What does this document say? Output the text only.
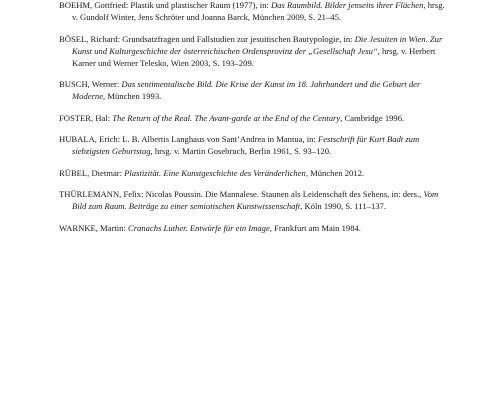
BOEHM, Gottfried: Plastik und plastischer Raum (1977), in: Das Raumbild. Bilder jenseits ihrer Flächen, hrsg. v. Gundolf Winter, Jens Schröter und Joanna Barck, München 2009, S. 21–45.
BÖSEL, Richard: Grundsatzfragen und Fallstudien zur jesuitischen Bautypologie, in: Die Jesuiten in Wien. Zur Kunst und Kulturgeschichte der österreichischen Ordensprovinz der „Gesellschaft Jesu“, hrsg. v. Herbert Karner und Werner Telesko, Wien 2003, S. 193–209.
BUSCH, Werner: Das sentimentalische Bild. Die Krise der Kunst im 18. Jahrhundert und die Geburt der Moderne, München 1993.
FOSTER, Hal: The Return of the Real. The Avant-garde at the End of the Century, Cambridge 1996.
HUBALA, Erich: L. B. Albertis Langhaus von Sant’Andrea in Mantua, in: Festschrift für Kurt Badt zum siebzigsten Geburtstag, hrsg. v. Martin Gosebruch, Berlin 1961, S. 93–120.
RÜBEL, Dietmar: Plastizität. Eine Kunstgeschichte des Veränderlichen, München 2012.
THÜRLEMANN, Felix: Nicolas Poussin. Die Mannalese. Staunen als Leidenschaft des Sehens, in: ders., Vom Bild zum Raum. Beiträge zu einer semiotischen Kunstwissenschaft, Köln 1990, S. 111–137.
WARNKE, Martin: Cranachs Luther. Entwürfe für ein Image, Frankfurt am Main 1984.
